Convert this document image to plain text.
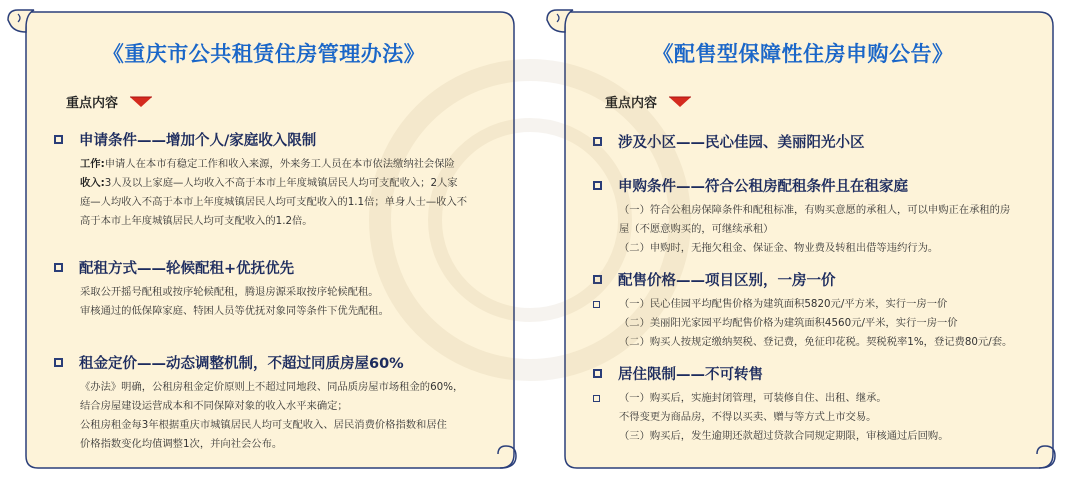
《重庆市公共租赁住房管理办法》
重点内容
申请条件——增加个人/家庭收入限制

工作:申请人在本市有稳定工作和收入来源，外来务工人员在本市依法缴纳社会保险

收入:3人及以上家庭—人均收入不高于本市上年度城镇居民人均可支配收入；2人家

庭—人均收入不高于本市上年度城镇居民人均可支配收入的1.1倍；单身人士—收入不

高于本市上年度城镇居民人均可支配收入的1.2倍。

配租方式——轮候配租+优抚优先

采取公开摇号配租或按序轮候配租，腾退房源采取按序轮候配租。

审核通过的低保障家庭、特困人员等优抚对象同等条件下优先配租。

租金定价——动态调整机制，不超过同质房屋60%

《办法》明确，公租房租金定价原则上不超过同地段、同品质房屋市场租金的60%，

结合房屋建设运营成本和不同保障对象的收入水平来确定；

公租房租金每3年根据重庆市城镇居民人均可支配收入、居民消费价格指数和居住

价格指数变化均值调整1次，并向社会公布。

《配售型保障性住房申购公告》
重点内容
涉及小区——民心佳园、美丽阳光小区
申购条件——符合公租房配租条件且在租家庭

（一）符合公租房保障条件和配租标准，有购买意愿的承租人，可以申购正在承租的房

屋（不愿意购买的，可继续承租）

（二）申购时，无拖欠租金、保证金、物业费及转租出借等违约行为。

配售价格——项目区别，一房一价
（一）民心佳园平均配售价格为建筑面积5820元/平方米，实行一房一价

（二）美丽阳光家园平均配售价格为建筑面积4560元/平米，实行一房一价

（二）购买人按规定缴纳契税、登记费，免征印花税。契税税率1%，登记费80元/套。

居住限制——不可转售
（一）购买后，实施封闭管理，可装修自住、出租、继承。

不得变更为商品房，不得以买卖、赠与等方式上市交易。

（三）购买后，发生逾期还款超过贷款合同规定期限，审核通过后回购。
